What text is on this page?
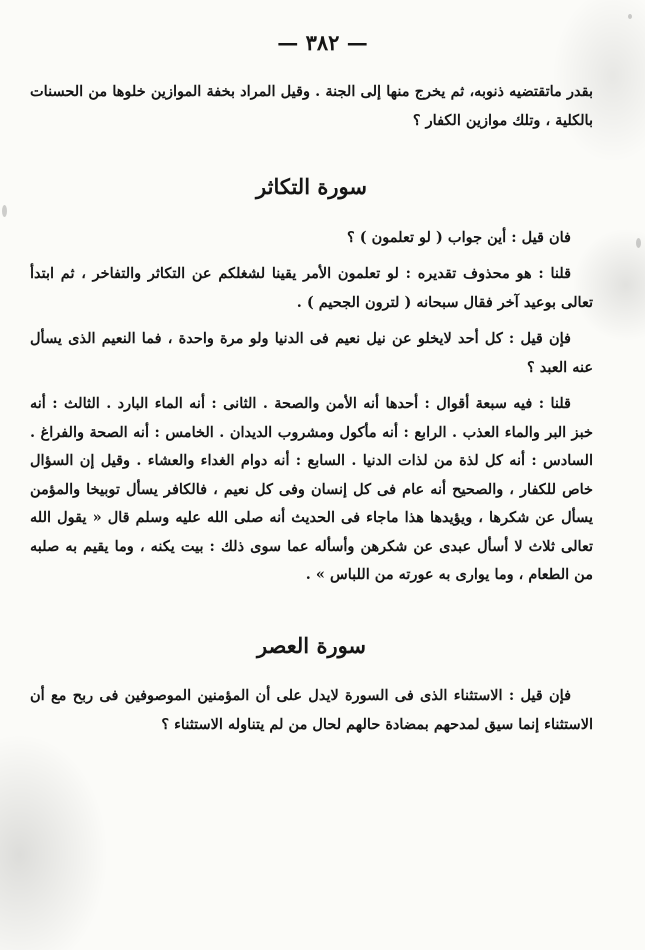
— ٣٨٢ —

بقدر ماتقتضيه ذنوبه، ثم يخرج منها إلى الجنة . وقيل المراد بخفة الموازين خلوها من الحسنات بالكلية ، وتلك موازين الكفار ؟

سورة التكاثر

فان قيل : أين جواب ( لو تعلمون ) ؟

قلنا : هو محذوف تقديره : لو تعلمون الأمر يقينا لشغلكم عن التكاثر والتفاخر ، ثم ابتدأ تعالى بوعيد آخر فقال سبحانه ( لترون الجحيم ) .

فإن قيل : كل أحد لايخلو عن نيل نعيم فى الدنيا ولو مرة واحدة ، فما النعيم الذى يسأل عنه العبد ؟

قلنا : فيه سبعة أقوال : أحدها أنه الأمن والصحة . الثانى : أنه الماء البارد . الثالث : أنه خبز البر والماء العذب . الرابع : أنه مأكول ومشروب الديدان . الخامس : أنه الصحة والفراغ . السادس : أنه كل لذة من لذات الدنيا . السابع : أنه دوام الغداء والعشاء . وقيل إن السؤال خاص للكفار ، والصحيح أنه عام فى كل إنسان وفى كل نعيم ، فالكافر يسأل توبيخا والمؤمن يسأل عن شكرها ، ويؤيدها هذا ماجاء فى الحديث أنه صلى الله عليه وسلم قال « يقول الله تعالى ثلاث لا أسأل عبدى عن شكرهن وأسأله عما سوى ذلك : بيت يكنه ، وما يقيم به صلبه من الطعام ، وما يوارى به عورته من اللباس » .

سورة العصر

فإن قيل : الاستثناء الذى فى السورة لايدل على أن المؤمنين الموصوفين فى ربح مع أن الاستثناء إنما سيق لمدحهم بمضادة حالهم لحال من لم يتناوله الاستثناء ؟
